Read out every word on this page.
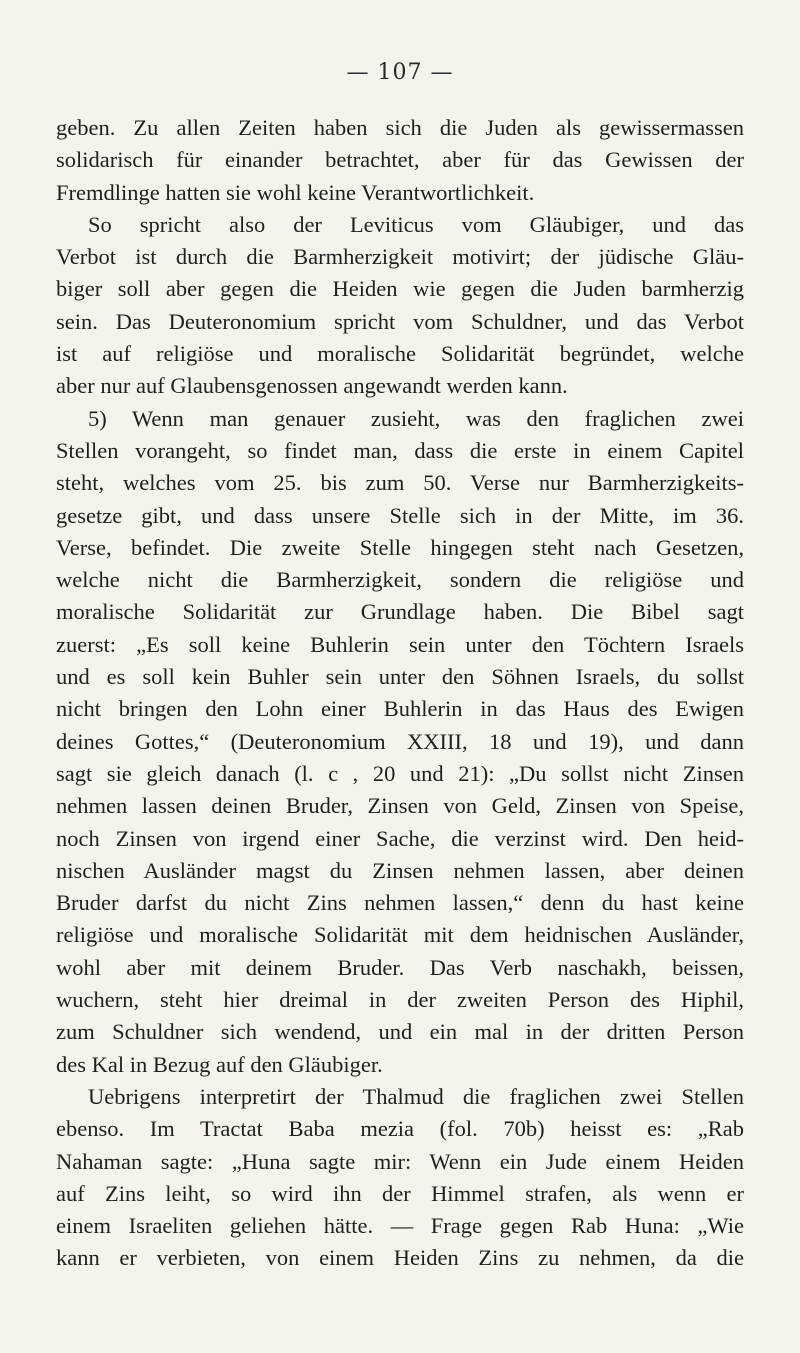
— 107 —
geben. Zu allen Zeiten haben sich die Juden als gewissermassen
solidarisch für einander betrachtet, aber für das Gewissen der
Fremdlinge hatten sie wohl keine Verantwortlichkeit.
So spricht also der Leviticus vom Gläubiger, und das
Verbot ist durch die Barmherzigkeit motivirt; der jüdische Gläu-
biger soll aber gegen die Heiden wie gegen die Juden barmherzig
sein. Das Deuteronomium spricht vom Schuldner, und das Verbot
ist auf religiöse und moralische Solidarität begründet, welche
aber nur auf Glaubensgenossen angewandt werden kann.
5) Wenn man genauer zusieht, was den fraglichen zwei
Stellen vorangeht, so findet man, dass die erste in einem Capitel
steht, welches vom 25. bis zum 50. Verse nur Barmherzigkeits-
gesetze gibt, und dass unsere Stelle sich in der Mitte, im 36.
Verse, befindet. Die zweite Stelle hingegen steht nach Gesetzen,
welche nicht die Barmherzigkeit, sondern die religiöse und
moralische Solidarität zur Grundlage haben. Die Bibel sagt
zuerst: „Es soll keine Buhlerin sein unter den Töchtern Israels
und es soll kein Buhler sein unter den Söhnen Israels, du sollst
nicht bringen den Lohn einer Buhlerin in das Haus des Ewigen
deines Gottes,“ (Deuteronomium XXIII, 18 und 19), und dann
sagt sie gleich danach (l. c , 20 und 21): „Du sollst nicht Zinsen
nehmen lassen deinen Bruder, Zinsen von Geld, Zinsen von Speise,
noch Zinsen von irgend einer Sache, die verzinst wird. Den heid-
nischen Ausländer magst du Zinsen nehmen lassen, aber deinen
Bruder darfst du nicht Zins nehmen lassen,“ denn du hast keine
religiöse und moralische Solidarität mit dem heidnischen Ausländer,
wohl aber mit deinem Bruder. Das Verb naschakh, beissen,
wuchern, steht hier dreimal in der zweiten Person des Hiphil,
zum Schuldner sich wendend, und ein mal in der dritten Person
des Kal in Bezug auf den Gläubiger.
Uebrigens interpretirt der Thalmud die fraglichen zwei Stellen
ebenso. Im Tractat Baba mezia (fol. 70b) heisst es: „Rab
Nahaman sagte: „Huna sagte mir: Wenn ein Jude einem Heiden
auf Zins leiht, so wird ihn der Himmel strafen, als wenn er
einem Israeliten geliehen hätte. — Frage gegen Rab Huna: „Wie
kann er verbieten, von einem Heiden Zins zu nehmen, da die
